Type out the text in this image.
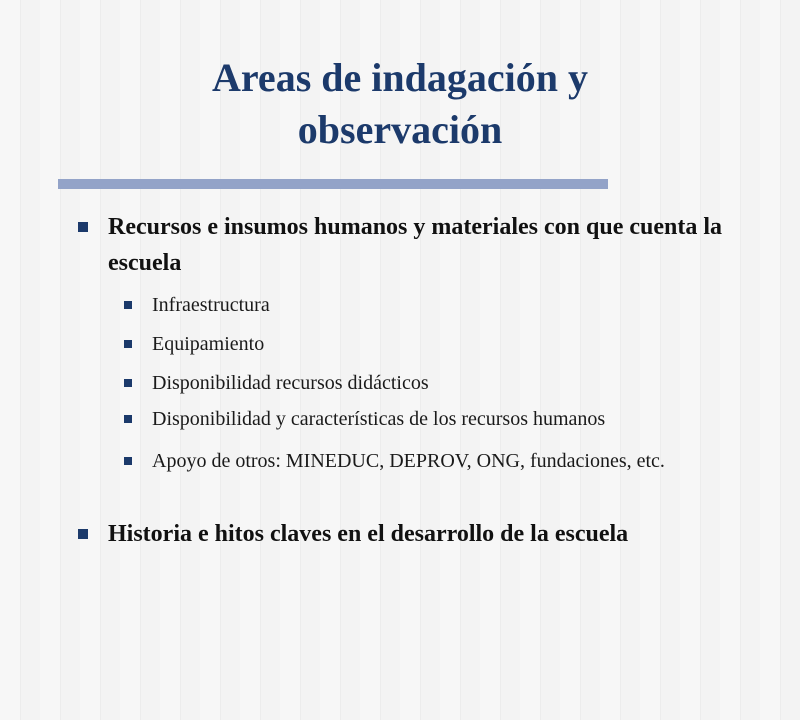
Areas de indagación y
observación
Recursos e insumos humanos y materiales con que cuenta la escuela
Infraestructura
Equipamiento
Disponibilidad recursos didácticos
Disponibilidad y características de los recursos humanos
Apoyo de otros: MINEDUC, DEPROV, ONG, fundaciones, etc.
Historia e hitos claves en el desarrollo de la escuela
